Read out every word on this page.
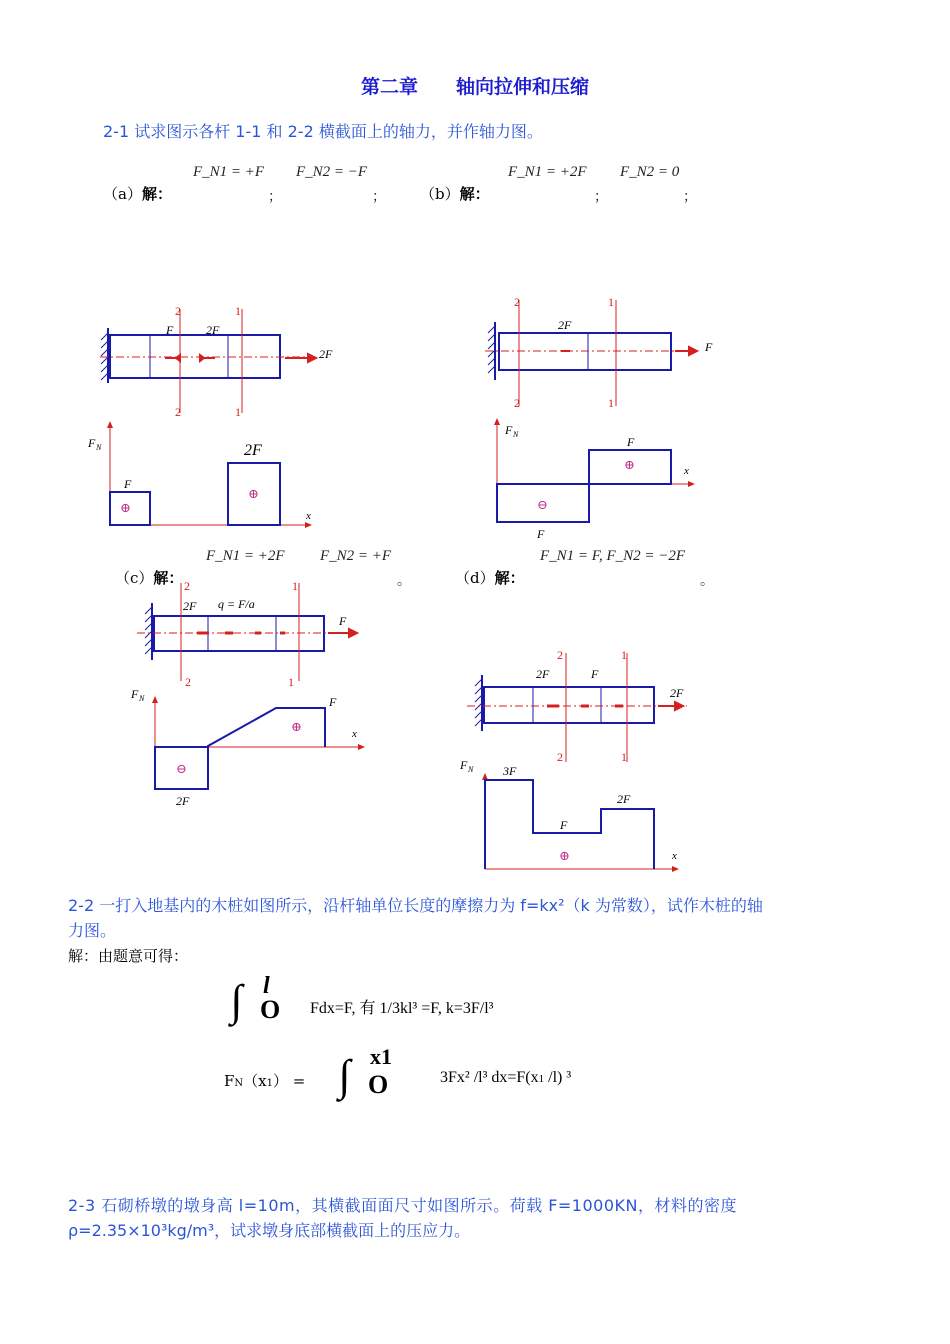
第二章　　轴向拉伸和压缩
2-1 试求图示各杆 1-1 和 2-2 横截面上的轴力，并作轴力图。
（a）解：
F_N1 = +F
；
F_N2 = −F
； （b）解：
F_N1 = +2F
；
F_N2 = 0
；
2	1
2	1
F	2F
2F
F N
x
F
2F
⊕
⊕
2	1
2	1
2F
F
F N
x
F
F
⊕
⊖
（c）解：
F_N1 = +2F F_N2 = +F
。	（d）解：
F_N1 = F, F_N2 = −2F
。
2	1
2	1
2F q = F/a
F
F N
x
2F
F
⊖
⊕
2	1
2	1
2F	F
2F
F N
x
3F
F
2F
⊕
2-2 一打入地基内的木桩如图所示，沿杆轴单位长度的摩擦力为 f=kx²（k 为常数），试作木桩的轴
力图。
解：由题意可得：
∫ l
O Fdx=F, 有 1/3kl³ =F, k=3F/l³
FN（x1） = ∫ x1
O	3Fx² /l³ dx=F(x1 /l) ³
2-3 石砌桥墩的墩身高 l=10m，其横截面面尺寸如图所示。荷载 F=1000KN，材料的密度
ρ=2.35×10³kg/m³，试求墩身底部横截面上的压应力。
